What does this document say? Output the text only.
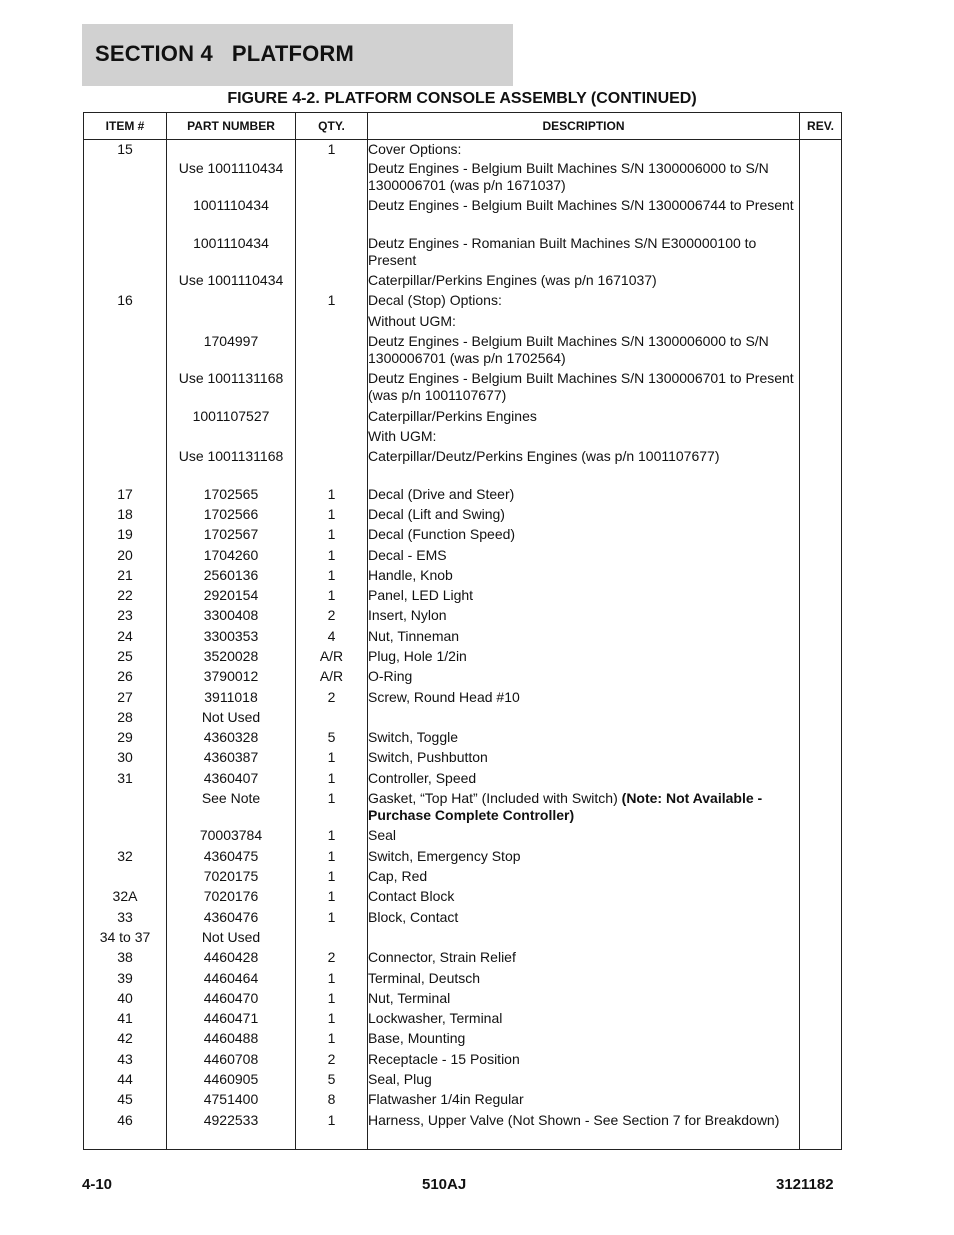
SECTION 4   PLATFORM
FIGURE 4-2. PLATFORM CONSOLE ASSEMBLY (CONTINUED)
ITEM #	PART NUMBER	QTY.	DESCRIPTION	REV.
15		1	Cover Options:	
	Use 1001110434		Deutz Engines - Belgium Built Machines S/N 1300006000 to S/N 1300006701 (was p/n 1671037)	
	1001110434		Deutz Engines - Belgium Built Machines S/N 1300006744 to Present	
	1001110434		Deutz Engines - Romanian Built Machines S/N E300000100 to Present	
	Use 1001110434		Caterpillar/Perkins Engines (was p/n 1671037)	
16		1	Decal (Stop) Options:	
			Without UGM:	
	1704997		Deutz Engines - Belgium Built Machines S/N 1300006000 to S/N 1300006701 (was p/n 1702564)	
	Use 1001131168		Deutz Engines - Belgium Built Machines S/N 1300006701 to Present (was p/n 1001107677)	
	1001107527		Caterpillar/Perkins Engines	
			With UGM:	
	Use 1001131168		Caterpillar/Deutz/Perkins Engines (was p/n 1001107677)	
17	1702565	1	Decal (Drive and Steer)	
18	1702566	1	Decal (Lift and Swing)	
19	1702567	1	Decal (Function Speed)	
20	1704260	1	Decal - EMS	
21	2560136	1	Handle, Knob	
22	2920154	1	Panel, LED Light	
23	3300408	2	Insert, Nylon	
24	3300353	4	Nut, Tinneman	
25	3520028	A/R	Plug, Hole 1/2in	
26	3790012	A/R	O-Ring	
27	3911018	2	Screw, Round Head #10	
28	Not Used			
29	4360328	5	Switch, Toggle	
30	4360387	1	Switch, Pushbutton	
31	4360407	1	Controller, Speed	
	See Note	1	Gasket, “Top Hat” (Included with Switch) (Note: Not Available - Purchase Complete Controller)	
	70003784	1	Seal	
32	4360475	1	Switch, Emergency Stop	
	7020175	1	Cap, Red	
32A	7020176	1	Contact Block	
33	4360476	1	Block, Contact	
34 to 37	Not Used			
38	4460428	2	Connector, Strain Relief	
39	4460464	1	Terminal, Deutsch	
40	4460470	1	Nut, Terminal	
41	4460471	1	Lockwasher, Terminal	
42	4460488	1	Base, Mounting	
43	4460708	2	Receptacle - 15 Position	
44	4460905	5	Seal, Plug	
45	4751400	8	Flatwasher 1/4in Regular	
46	4922533	1	Harness, Upper Valve (Not Shown - See Section 7 for Breakdown)	
4-10	510AJ	3121182
